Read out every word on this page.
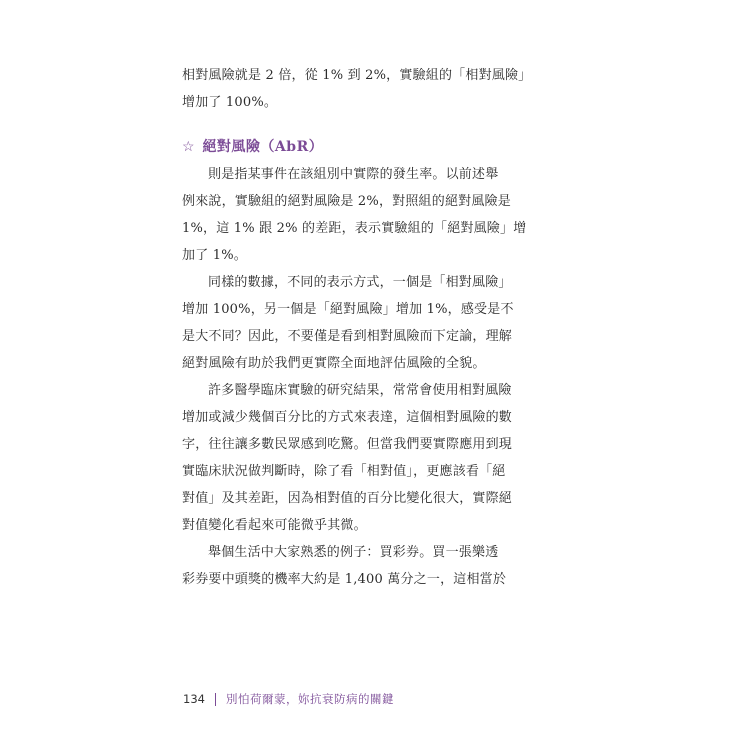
相對風險就是 2 倍，從 1% 到 2%，實驗組的「相對風險」
增加了 100%。
☆ 絕對風險（AbR）
則是指某事件在該組別中實際的發生率。以前述舉
例來說，實驗組的絕對風險是 2%，對照組的絕對風險是
1%，這 1% 跟 2% 的差距，表示實驗組的「絕對風險」增
加了 1%。
同樣的數據，不同的表示方式，一個是「相對風險」
增加 100%，另一個是「絕對風險」增加 1%，感受是不
是大不同？因此，不要僅是看到相對風險而下定論，理解
絕對風險有助於我們更實際全面地評估風險的全貌。
許多醫學臨床實驗的研究結果，常常會使用相對風險
增加或減少幾個百分比的方式來表達，這個相對風險的數
字，往往讓多數民眾感到吃驚。但當我們要實際應用到現
實臨床狀況做判斷時，除了看「相對值」，更應該看「絕
對值」及其差距，因為相對值的百分比變化很大，實際絕
對值變化看起來可能微乎其微。
舉個生活中大家熟悉的例子：買彩券。買一張樂透
彩券要中頭獎的機率大約是 1,400 萬分之一，這相當於
134 別怕荷爾蒙，妳抗衰防病的關鍵
